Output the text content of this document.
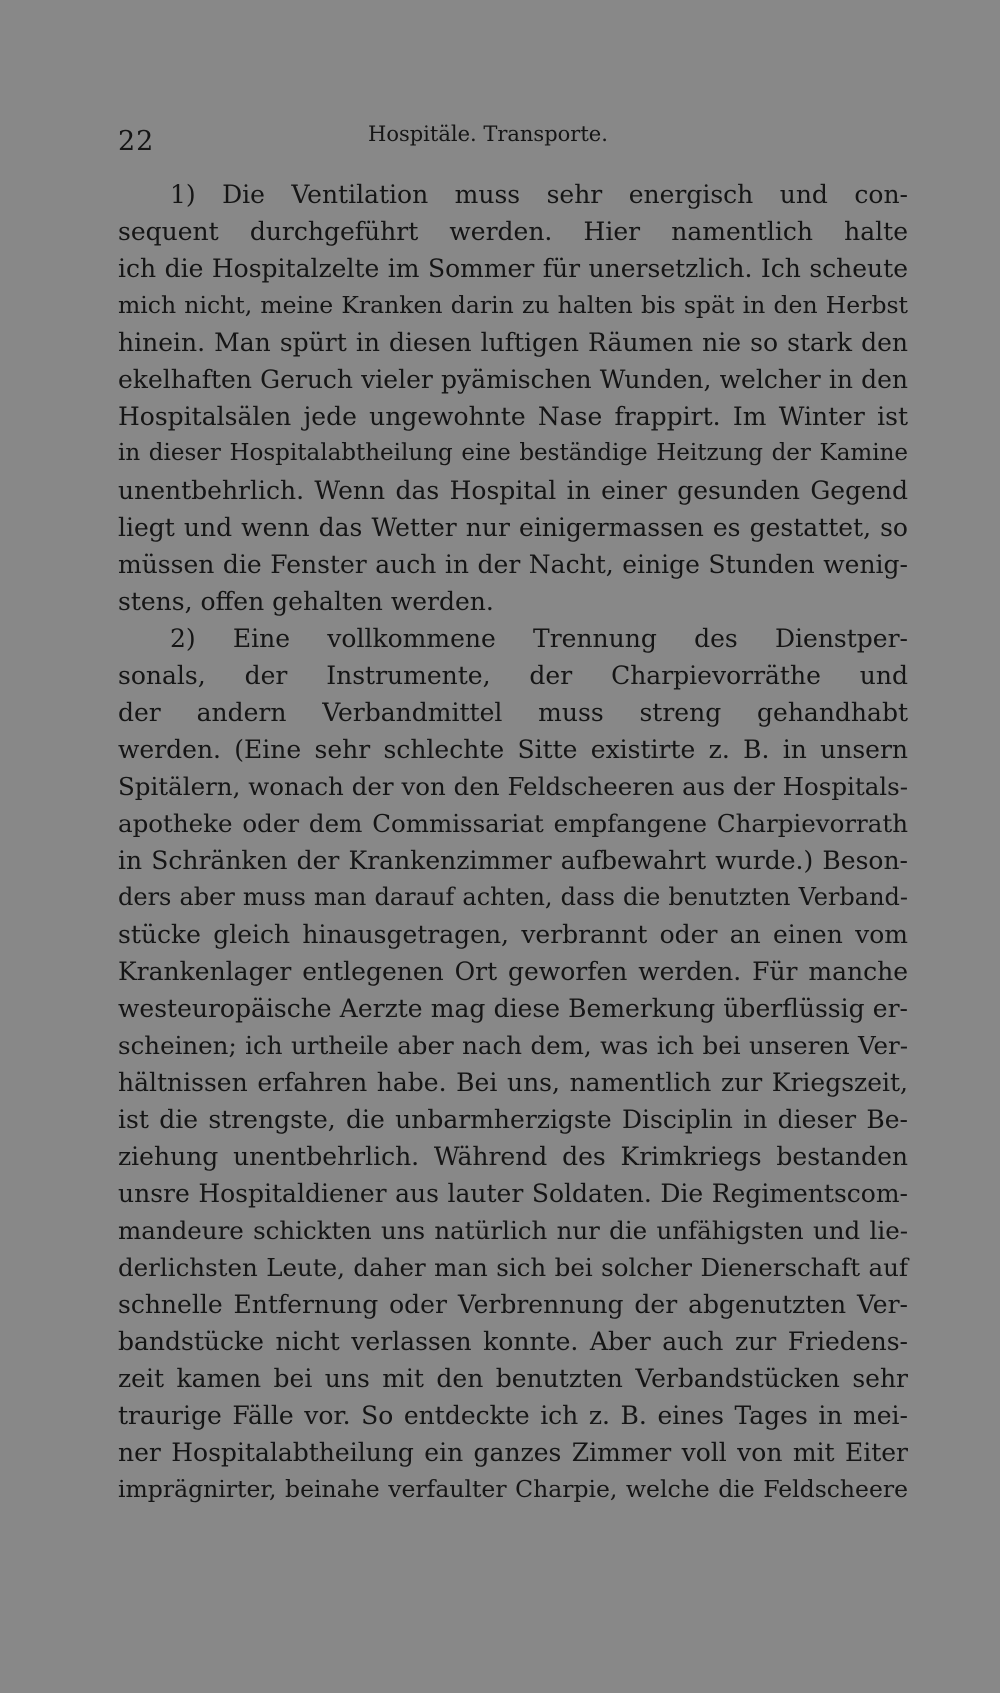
22	Hospitäle. Transporte.
1) Die Ventilation muss sehr energisch und con-
sequent durchgeführt werden. Hier namentlich halte
ich die Hospitalzelte im Sommer für unersetzlich. Ich scheute
mich nicht, meine Kranken darin zu halten bis spät in den Herbst
hinein. Man spürt in diesen luftigen Räumen nie so stark den
ekelhaften Geruch vieler pyämischen Wunden, welcher in den
Hospitalsälen jede ungewohnte Nase frappirt. Im Winter ist
in dieser Hospitalabtheilung eine beständige Heitzung der Kamine
unentbehrlich. Wenn das Hospital in einer gesunden Gegend
liegt und wenn das Wetter nur einigermassen es gestattet, so
müssen die Fenster auch in der Nacht, einige Stunden wenig-
stens, offen gehalten werden.
2) Eine vollkommene Trennung des Dienstper-
sonals, der Instrumente, der Charpievorräthe und
der andern Verbandmittel muss streng gehandhabt
werden. (Eine sehr schlechte Sitte existirte z. B. in unsern
Spitälern, wonach der von den Feldscheeren aus der Hospitals-
apotheke oder dem Commissariat empfangene Charpievorrath
in Schränken der Krankenzimmer aufbewahrt wurde.) Beson-
ders aber muss man darauf achten, dass die benutzten Verband-
stücke gleich hinausgetragen, verbrannt oder an einen vom
Krankenlager entlegenen Ort geworfen werden. Für manche
westeuropäische Aerzte mag diese Bemerkung überflüssig er-
scheinen; ich urtheile aber nach dem, was ich bei unseren Ver-
hältnissen erfahren habe. Bei uns, namentlich zur Kriegszeit,
ist die strengste, die unbarmherzigste Disciplin in dieser Be-
ziehung unentbehrlich. Während des Krimkriegs bestanden
unsre Hospitaldiener aus lauter Soldaten. Die Regimentscom-
mandeure schickten uns natürlich nur die unfähigsten und lie-
derlichsten Leute, daher man sich bei solcher Dienerschaft auf
schnelle Entfernung oder Verbrennung der abgenutzten Ver-
bandstücke nicht verlassen konnte. Aber auch zur Friedens-
zeit kamen bei uns mit den benutzten Verbandstücken sehr
traurige Fälle vor. So entdeckte ich z. B. eines Tages in mei-
ner Hospitalabtheilung ein ganzes Zimmer voll von mit Eiter
imprägnirter, beinahe verfaulter Charpie, welche die Feldscheere
